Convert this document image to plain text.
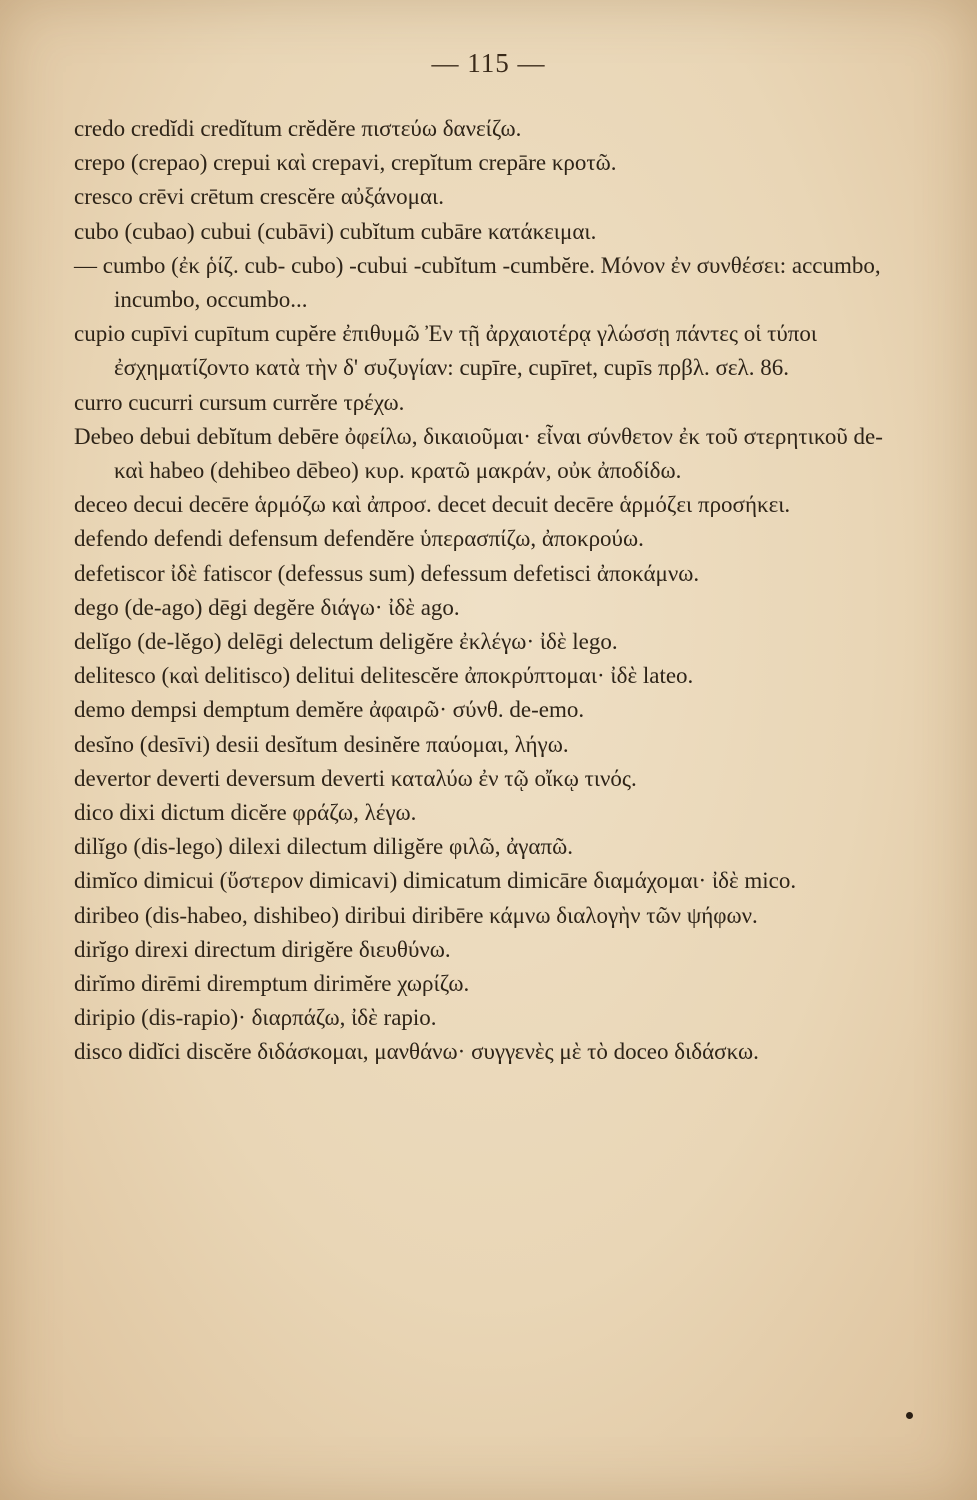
— 115 —

credo credĭdi credĭtum crĕdĕre πιστεύω δανείζω.

crepo (crepao) crepui καὶ crepavi, crepĭtum crepāre κροτῶ.

cresco crēvi crētum crescĕre αὐξάνομαι.

cubo (cubao) cubui (cubāvi) cubĭtum cubāre κατάκειμαι.

— cumbo (ἐκ ῥίζ. cub- cubo) -cubui -cubĭtum -cumbĕre. Μόνον ἐν συνθέσει: accumbo, incumbo, occumbo...

cupio cupīvi cupītum cupĕre ἐπιθυμῶ Ἐν τῇ ἀρχαιοτέρᾳ γλώσσῃ πάντες οἱ τύποι ἐσχηματίζοντο κατὰ τὴν δ' συζυγίαν: cupīre, cupīret, cupīs πρβλ. σελ. 86.

curro cucurri cursum currĕre τρέχω.

Debeo debui debĭtum debēre ὀφείλω, δικαιοῦμαι· εἶναι σύνθετον ἐκ τοῦ στερητικοῦ de- καὶ habeo (dehibeo dēbeo) κυρ. κρατῶ μακράν, οὐκ ἀποδίδω.

deceo decui decēre ἁρμόζω καὶ ἀπροσ. decet decuit decēre ἁρμόζει προσήκει.

defendo defendi defensum defendĕre ὑπερασπίζω, ἀποκρούω.

defetiscor ἰδὲ fatiscor (defessus sum) defessum defetisci ἀποκάμνω.

dego (de-ago) dēgi degĕre διάγω· ἰδὲ ago.

delĭgo (de-lĕgo) delēgi delectum deligĕre ἐκλέγω· ἰδὲ lego.

delitesco (καὶ delitisco) delitui delitescĕre ἀποκρύπτομαι· ἰδὲ lateo.

demo dempsi demptum demĕre ἀφαιρῶ· σύνθ. de-emo.

desĭno (desīvi) desii desĭtum desinĕre παύομαι, λήγω.

devertor deverti deversum deverti καταλύω ἐν τῷ οἴκῳ τινός.

dico dixi dictum dicĕre φράζω, λέγω.

dilĭgo (dis-lego) dilexi dilectum diligĕre φιλῶ, ἀγαπῶ.

dimĭco dimicui (ὕστερον dimicavi) dimicatum dimicāre διαμάχομαι· ἰδὲ mico.

diribeo (dis-habeo, dishibeo) diribui diribēre κάμνω διαλογὴν τῶν ψήφων.

dirĭgo direxi directum dirigĕre διευθύνω.

dirĭmo dirēmi diremptum dirimĕre χωρίζω.

diripio (dis-rapio)· διαρπάζω, ἰδὲ rapio.

disco didĭci discĕre διδάσκομαι, μανθάνω· συγγενὲς μὲ τὸ doceo διδάσκω.
